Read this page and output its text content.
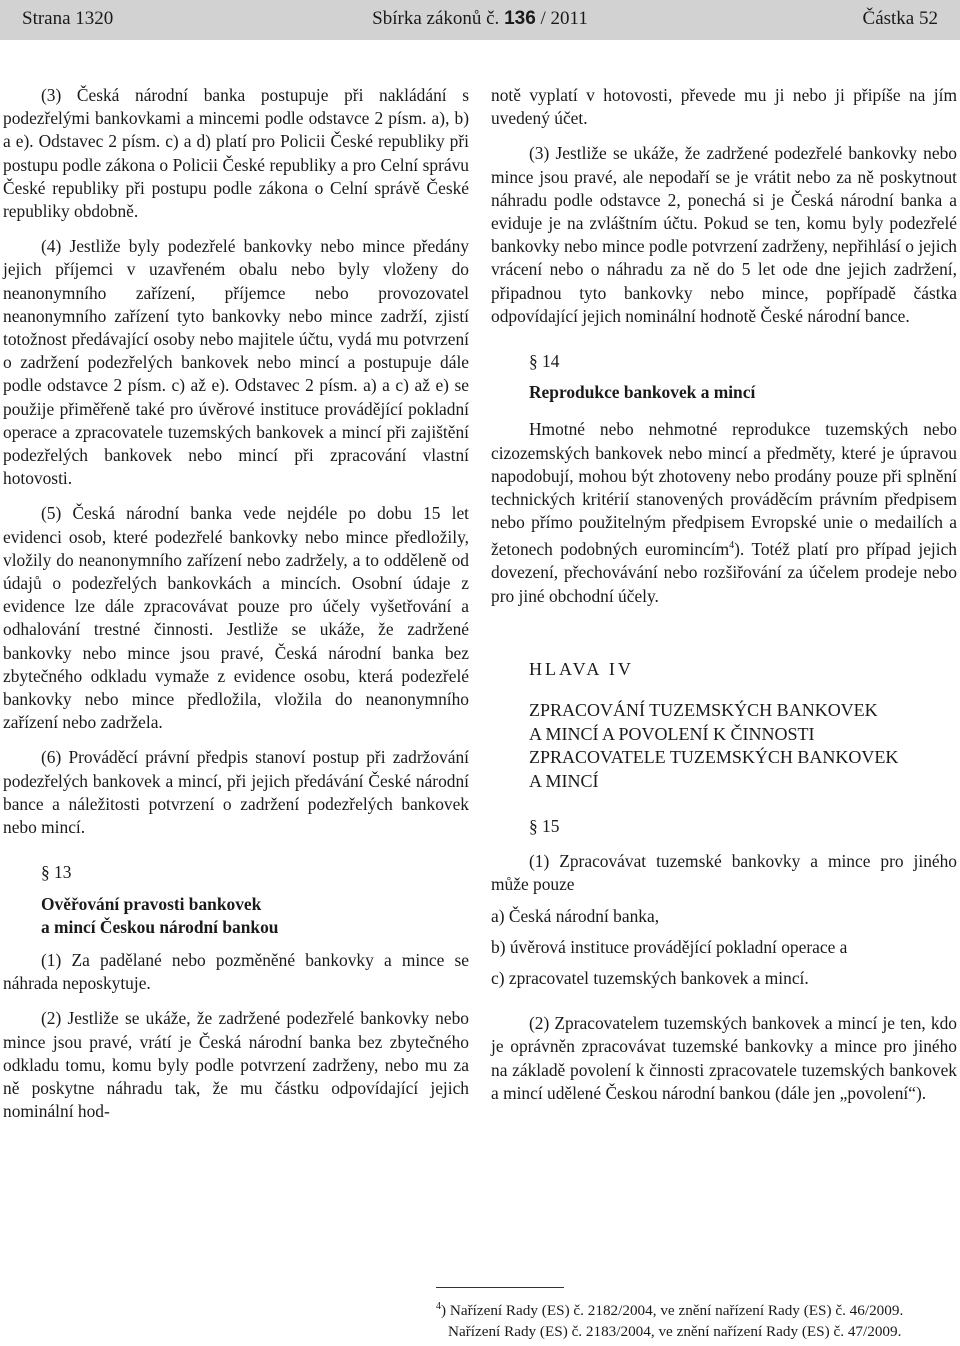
Strana 1320	Sbírka zákonů č. 136 / 2011	Částka 52

(3) Česká národní banka postupuje při nakládání s podezřelými bankovkami a mincemi podle odstavce 2 písm. a), b) a e). Odstavec 2 písm. c) a d) platí pro Policii České republiky při postupu podle zákona o Policii České republiky a pro Celní správu České republiky při postupu podle zákona o Celní správě České republiky obdobně.

(4) Jestliže byly podezřelé bankovky nebo mince předány jejich příjemci v uzavřeném obalu nebo byly vloženy do neanonymního zařízení, příjemce nebo provozovatel neanonymního zařízení tyto bankovky nebo mince zadrží, zjistí totožnost předávající osoby nebo majitele účtu, vydá mu potvrzení o zadržení podezřelých bankovek nebo mincí a postupuje dále podle odstavce 2 písm. c) až e). Odstavec 2 písm. a) a c) až e) se použije přiměřeně také pro úvěrové instituce provádějící pokladní operace a zpracovatele tuzemských bankovek a mincí při zajištění podezřelých bankovek nebo mincí při zpracování vlastní hotovosti.

(5) Česká národní banka vede nejdéle po dobu 15 let evidenci osob, které podezřelé bankovky nebo mince předložily, vložily do neanonymního zařízení nebo zadržely, a to odděleně od údajů o podezřelých bankovkách a mincích. Osobní údaje z evidence lze dále zpracovávat pouze pro účely vyšetřování a odhalování trestné činnosti. Jestliže se ukáže, že zadržené bankovky nebo mince jsou pravé, Česká národní banka bez zbytečného odkladu vymaže z evidence osobu, která podezřelé bankovky nebo mince předložila, vložila do neanonymního zařízení nebo zadržela.

(6) Prováděcí právní předpis stanoví postup při zadržování podezřelých bankovek a mincí, při jejich předávání České národní bance a náležitosti potvrzení o zadržení podezřelých bankovek nebo mincí.

§ 13

Ověřování pravosti bankovek

a mincí Českou národní bankou

(1) Za padělané nebo pozměněné bankovky a mince se náhrada neposkytuje.

(2) Jestliže se ukáže, že zadržené podezřelé bankovky nebo mince jsou pravé, vrátí je Česká národní banka bez zbytečného odkladu tomu, komu byly podle potvrzení zadrženy, nebo mu za ně poskytne náhradu tak, že mu částku odpovídající jejich nominální hod-

notě vyplatí v hotovosti, převede mu ji nebo ji připíše na jím uvedený účet.

(3) Jestliže se ukáže, že zadržené podezřelé bankovky nebo mince jsou pravé, ale nepodaří se je vrátit nebo za ně poskytnout náhradu podle odstavce 2, ponechá si je Česká národní banka a eviduje je na zvláštním účtu. Pokud se ten, komu byly podezřelé bankovky nebo mince podle potvrzení zadrženy, nepřihlásí o jejich vrácení nebo o náhradu za ně do 5 let ode dne jejich zadržení, připadnou tyto bankovky nebo mince, popřípadě částka odpovídající jejich nominální hodnotě České národní bance.

§ 14

Reprodukce bankovek a mincí

Hmotné nebo nehmotné reprodukce tuzemských nebo cizozemských bankovek nebo mincí a předměty, které je úpravou napodobují, mohou být zhotoveny nebo prodány pouze při splnění technických kritérií stanovených prováděcím právním předpisem nebo přímo použitelným předpisem Evropské unie o medailích a žetonech podobných euromincím$^4$). Totéž platí pro případ jejich dovezení, přechovávání nebo rozšiřování za účelem prodeje nebo pro jiné obchodní účely.

HLAVA IV

ZPRACOVÁNÍ TUZEMSKÝCH BANKOVEK

A MINCÍ A POVOLENÍ K ČINNOSTI

ZPRACOVATELE TUZEMSKÝCH BANKOVEK

A MINCÍ

§ 15

(1) Zpracovávat tuzemské bankovky a mince pro jiného může pouze

a) Česká národní banka,

b) úvěrová instituce provádějící pokladní operace a

c) zpracovatel tuzemských bankovek a mincí.

(2) Zpracovatelem tuzemských bankovek a mincí je ten, kdo je oprávněn zpracovávat tuzemské bankovky a mince pro jiného na základě povolení k činnosti zpracovatele tuzemských bankovek a mincí udělené Českou národní bankou (dále jen „povolení“).

$^4$) Nařízení Rady (ES) č. 2182/2004, ve znění nařízení Rady (ES) č. 46/2009.
Nařízení Rady (ES) č. 2183/2004, ve znění nařízení Rady (ES) č. 47/2009.
